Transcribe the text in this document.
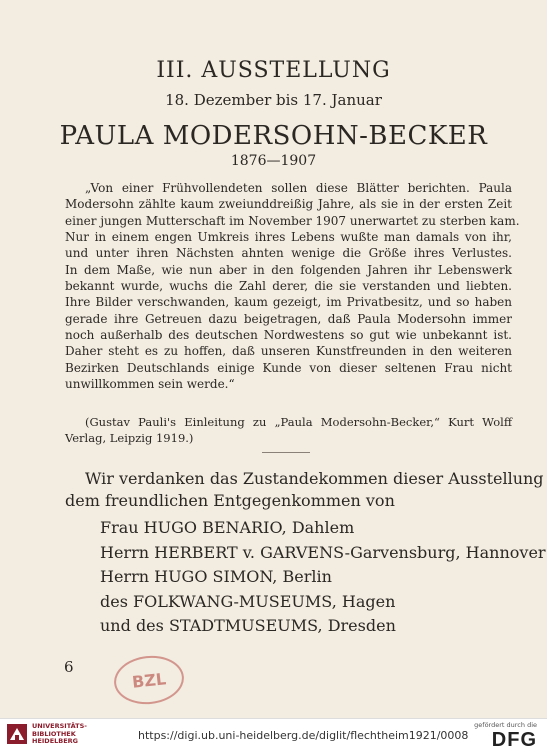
III. AUSSTELLUNG
18. Dezember bis 17. Januar
PAULA MODERSOHN-BECKER
1876—1907
„Von einer Frühvollendeten sollen diese Blätter berichten. Paula
Modersohn zählte kaum zweiunddreißig Jahre, als sie in der ersten Zeit
einer jungen Mutterschaft im November 1907 unerwartet zu sterben kam.
Nur in einem engen Umkreis ihres Lebens wußte man damals von ihr,
und unter ihren Nächsten ahnten wenige die Größe ihres Verlustes.
In dem Maße, wie nun aber in den folgenden Jahren ihr Lebenswerk
bekannt wurde, wuchs die Zahl derer, die sie verstanden und liebten.
Ihre Bilder verschwanden, kaum gezeigt, im Privatbesitz, und so haben
gerade ihre Getreuen dazu beigetragen, daß Paula Modersohn immer
noch außerhalb des deutschen Nordwestens so gut wie unbekannt ist.
Daher steht es zu hoffen, daß unseren Kunstfreunden in den weiteren
Bezirken Deutschlands einige Kunde von dieser seltenen Frau nicht
unwillkommen sein werde.“
(Gustav Pauli's Einleitung zu „Paula Modersohn-Becker,“ Kurt Wolff
Verlag, Leipzig 1919.)
Wir verdanken das Zustandekommen dieser Ausstellung
dem freundlichen Entgegenkommen von
Frau HUGO BENARIO, Dahlem
Herrn HERBERT v. GARVENS-Garvensburg, Hannover
Herrn HUGO SIMON, Berlin
des FOLKWANG-MUSEUMS, Hagen
und des STADTMUSEUMS, Dresden
6
BZL
UNIVERSITÄTS-
BIBLIOTHEK
HEIDELBERG	https://digi.ub.uni-heidelberg.de/diglit/flechtheim1921/0008
gefördert durch die
DFG
